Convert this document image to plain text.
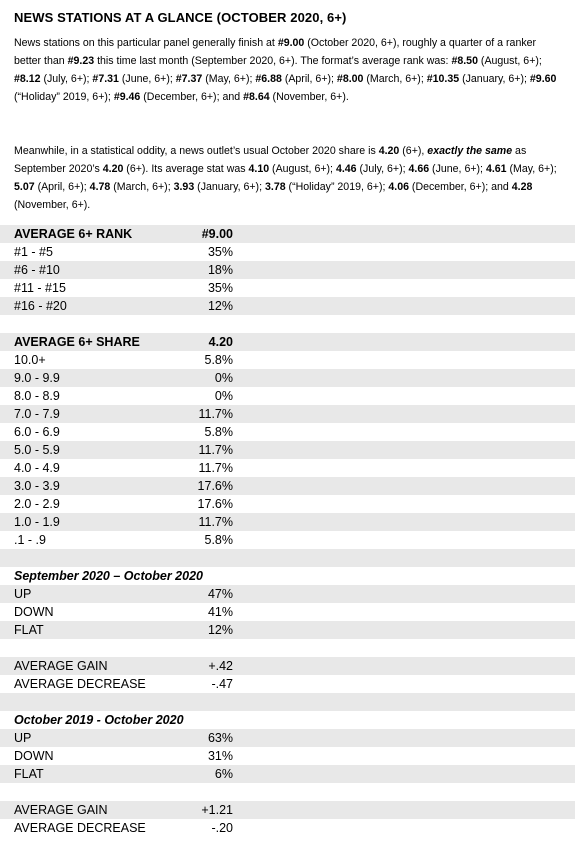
NEWS STATIONS AT A GLANCE (OCTOBER 2020, 6+)
News stations on this particular panel generally finish at #9.00 (October 2020, 6+), roughly a quarter of a ranker better than #9.23 this time last month (September 2020, 6+). The format’s average rank was: #8.50 (August, 6+); #8.12 (July, 6+); #7.31 (June, 6+); #7.37 (May, 6+); #6.88 (April, 6+); #8.00 (March, 6+); #10.35 (January, 6+); #9.60 (“Holiday” 2019, 6+); #9.46 (December, 6+); and #8.64 (November, 6+).
Meanwhile, in a statistical oddity, a news outlet’s usual October 2020 share is 4.20 (6+), exactly the same as September 2020’s 4.20 (6+). Its average stat was 4.10 (August, 6+); 4.46 (July, 6+); 4.66 (June, 6+); 4.61 (May, 6+); 5.07 (April, 6+); 4.78 (March, 6+); 3.93 (January, 6+); 3.78 (“Holiday” 2019, 6+); 4.06 (December, 6+); and 4.28 (November, 6+).
AVERAGE 6+ RANK	#9.00
#1 - #5	35%
#6 - #10	18%
#11 - #15	35%
#16 - #20	12%
AVERAGE 6+ SHARE	4.20
10.0+	5.8%
9.0 - 9.9	0%
8.0 - 8.9	0%
7.0 - 7.9	11.7%
6.0 - 6.9	5.8%
5.0 - 5.9	11.7%
4.0 - 4.9	11.7%
3.0 - 3.9	17.6%
2.0 - 2.9	17.6%
1.0 - 1.9	11.7%
.1 - .9	5.8%
September 2020 – October 2020
UP	47%
DOWN	41%
FLAT	12%
AVERAGE GAIN	+.42
AVERAGE DECREASE	-.47
October 2019 - October 2020
UP	63%
DOWN	31%
FLAT	6%
AVERAGE GAIN	+1.21
AVERAGE DECREASE	-.20
